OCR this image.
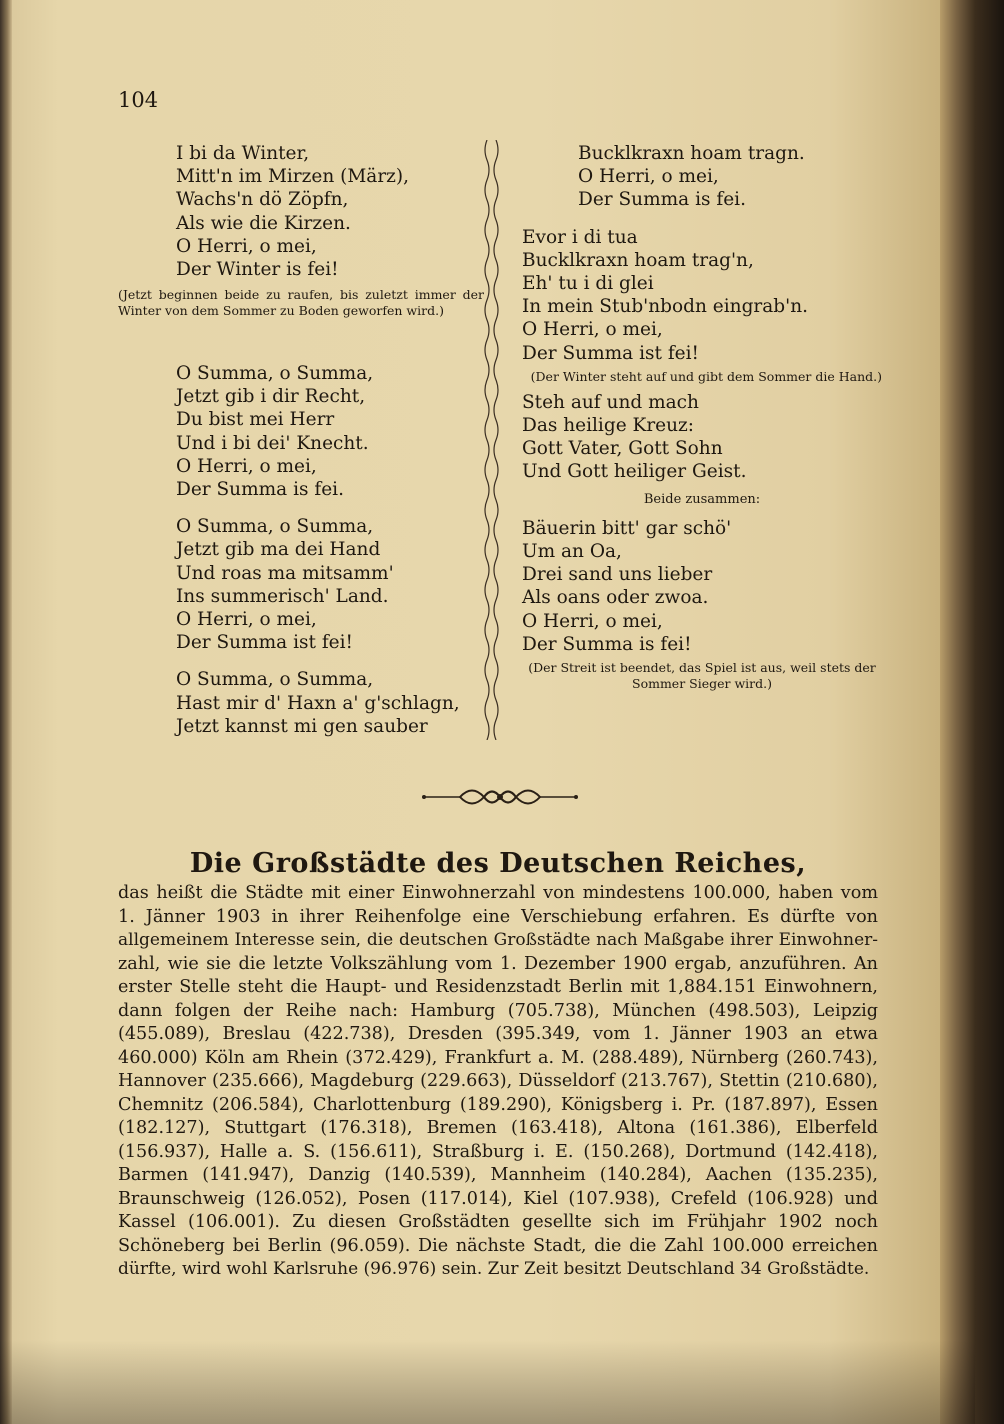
104
I bi da Winter,
Mitt'n im Mirzen (März),
Wachs'n dö Zöpfn,
Als wie die Kirzen.
O Herri, o mei,
Der Winter is fei!
(Jetzt beginnen beide zu raufen, bis zuletzt immer der Winter von dem Sommer zu Boden geworfen wird.)
O Summa, o Summa,
Jetzt gib i dir Recht,
Du bist mei Herr
Und i bi dei' Knecht.
O Herri, o mei,
Der Summa is fei.
O Summa, o Summa,
Jetzt gib ma dei Hand
Und roas ma mitsamm'
Ins summerisch' Land.
O Herri, o mei,
Der Summa ist fei!
O Summa, o Summa,
Hast mir d' Haxn a' g'schlagn,
Jetzt kannst mi gen sauber
Bucklkraxn hoam tragn.
O Herri, o mei,
Der Summa is fei.
Evor i di tua
Bucklkraxn hoam trag'n,
Eh' tu i di glei
In mein Stub'nbodn eingrab'n.
O Herri, o mei,
Der Summa ist fei!
(Der Winter steht auf und gibt dem Sommer die Hand.)
Steh auf und mach
Das heilige Kreuz:
Gott Vater, Gott Sohn
Und Gott heiliger Geist.
Beide zusammen:
Bäuerin bitt' gar schö'
Um an Oa,
Drei sand uns lieber
Als oans oder zwoa.
O Herri, o mei,
Der Summa is fei!
(Der Streit ist beendet, das Spiel ist aus, weil stets der Sommer Sieger wird.)
Die Großstädte des Deutschen Reiches,
das heißt die Städte mit einer Einwohnerzahl von mindestens 100.000, haben vom
1. Jänner 1903 in ihrer Reihenfolge eine Verschiebung erfahren. Es dürfte von
allgemeinem Interesse sein, die deutschen Großstädte nach Maßgabe ihrer Einwohner-
zahl, wie sie die letzte Volkszählung vom 1. Dezember 1900 ergab, anzuführen. An
erster Stelle steht die Haupt- und Residenzstadt Berlin mit 1,884.151 Einwohnern,
dann folgen der Reihe nach: Hamburg (705.738), München (498.503), Leipzig
(455.089), Breslau (422.738), Dresden (395.349, vom 1. Jänner 1903 an etwa
460.000) Köln am Rhein (372.429), Frankfurt a. M. (288.489), Nürnberg (260.743),
Hannover (235.666), Magdeburg (229.663), Düsseldorf (213.767), Stettin (210.680),
Chemnitz (206.584), Charlottenburg (189.290), Königsberg i. Pr. (187.897), Essen
(182.127), Stuttgart (176.318), Bremen (163.418), Altona (161.386), Elberfeld
(156.937), Halle a. S. (156.611), Straßburg i. E. (150.268), Dortmund (142.418),
Barmen (141.947), Danzig (140.539), Mannheim (140.284), Aachen (135.235),
Braunschweig (126.052), Posen (117.014), Kiel (107.938), Crefeld (106.928) und
Kassel (106.001). Zu diesen Großstädten gesellte sich im Frühjahr 1902 noch
Schöneberg bei Berlin (96.059). Die nächste Stadt, die die Zahl 100.000 erreichen
dürfte, wird wohl Karlsruhe (96.976) sein. Zur Zeit besitzt Deutschland 34 Großstädte.
